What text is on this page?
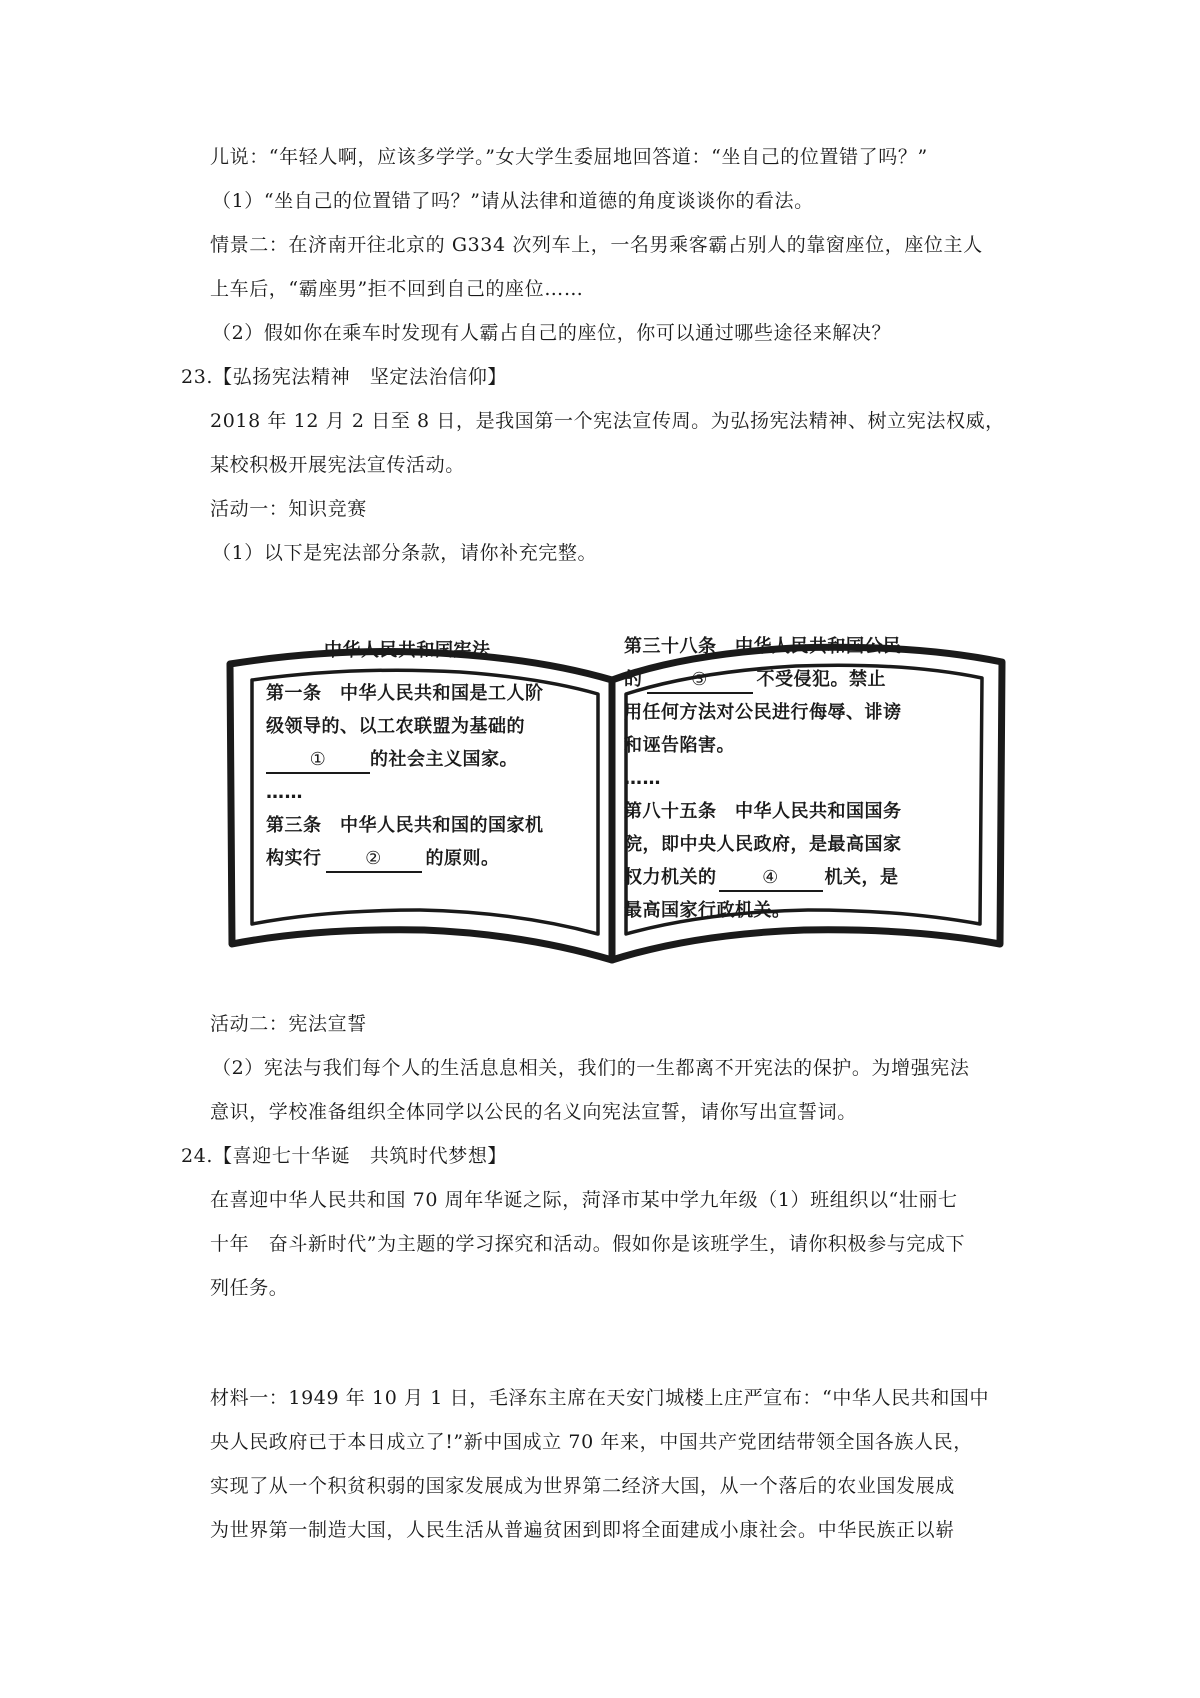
儿说：“年轻人啊，应该多学学。”女大学生委屈地回答道：“坐自己的位置错了吗？”
（1）“坐自己的位置错了吗？”请从法律和道德的角度谈谈你的看法。
情景二：在济南开往北京的 G334 次列车上，一名男乘客霸占别人的靠窗座位，座位主人
上车后，“霸座男”拒不回到自己的座位……
（2）假如你在乘车时发现有人霸占自己的座位，你可以通过哪些途径来解决？
23.【弘扬宪法精神　坚定法治信仰】
2018 年 12 月 2 日至 8 日，是我国第一个宪法宣传周。为弘扬宪法精神、树立宪法权威，
某校积极开展宪法宣传活动。
活动一：知识竞赛
（1）以下是宪法部分条款，请你补充完整。
中华人民共和国宪法
第一条　中华人民共和国是工人阶
级领导的、以工农联盟为基础的
① 的社会主义国家。
……
第三条　中华人民共和国的国家机
构实行 ② 的原则。
第三十八条　中华人民共和国公民
的	③	不受侵犯。禁止
用任何方法对公民进行侮辱、诽谤
和诬告陷害。
……
第八十五条　中华人民共和国国务
院，即中央人民政府，是最高国家
权力机关的	④	机关，是
最高国家行政机关。
活动二：宪法宣誓
（2）宪法与我们每个人的生活息息相关，我们的一生都离不开宪法的保护。为增强宪法
意识，学校准备组织全体同学以公民的名义向宪法宣誓，请你写出宣誓词。
24.【喜迎七十华诞　共筑时代梦想】
在喜迎中华人民共和国 70 周年华诞之际，菏泽市某中学九年级（1）班组织以“壮丽七
十年　奋斗新时代”为主题的学习探究和活动。假如你是该班学生，请你积极参与完成下
列任务。
材料一：1949 年 10 月 1 日，毛泽东主席在天安门城楼上庄严宣布：“中华人民共和国中
央人民政府已于本日成立了!”新中国成立 70 年来，中国共产党团结带领全国各族人民，
实现了从一个积贫积弱的国家发展成为世界第二经济大国，从一个落后的农业国发展成
为世界第一制造大国，人民生活从普遍贫困到即将全面建成小康社会。中华民族正以崭
